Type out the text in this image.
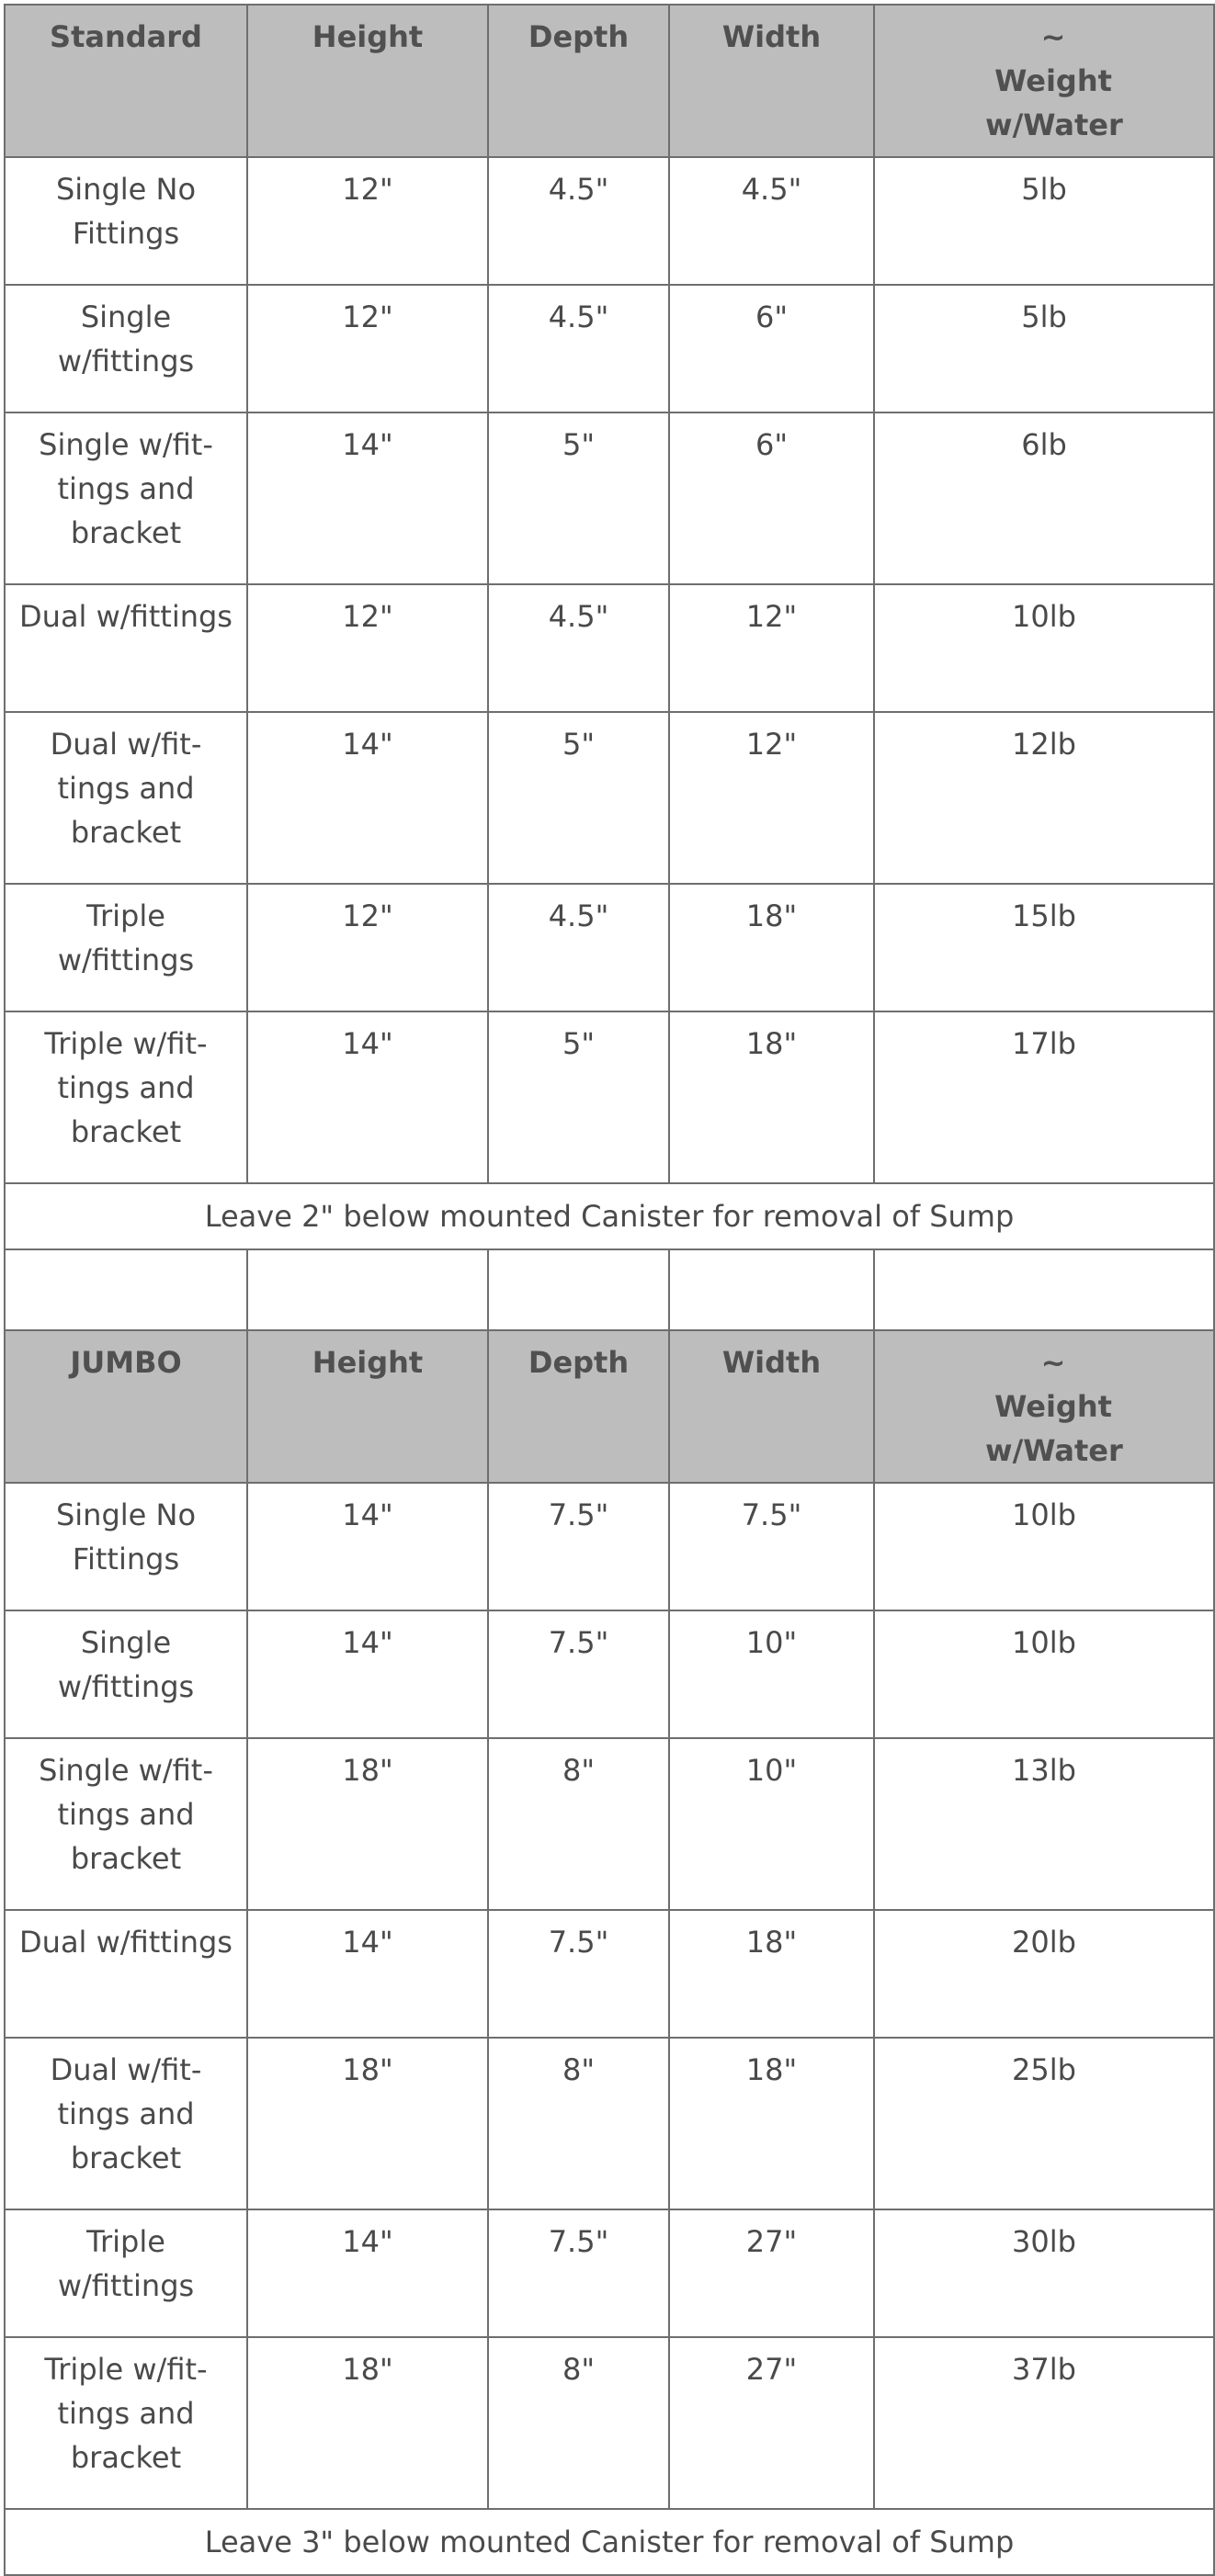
Standard	Height	Depth	Width	~ Weight w/Water
Single No Fittings	12"	4.5"	4.5"	5lb
Single w/fittings	12"	4.5"	6"	5lb
Single w/fit-tings and bracket	14"	5"	6"	6lb
Dual w/fittings	12"	4.5"	12"	10lb
Dual w/fit-tings and bracket	14"	5"	12"	12lb
Triple w/fittings	12"	4.5"	18"	15lb
Triple w/fit-tings and bracket	14"	5"	18"	17lb
Leave 2" below mounted Canister for removal of Sump				

JUMBO	Height	Depth	Width	~ Weight w/Water
Single No Fittings	14"	7.5"	7.5"	10lb
Single w/fittings	14"	7.5"	10"	10lb
Single w/fit-tings and bracket	18"	8"	10"	13lb
Dual w/fittings	14"	7.5"	18"	20lb
Dual w/fit-tings and bracket	18"	8"	18"	25lb
Triple w/fittings	14"	7.5"	27"	30lb
Triple w/fit-tings and bracket	18"	8"	27"	37lb
Leave 3" below mounted Canister for removal of Sump				
